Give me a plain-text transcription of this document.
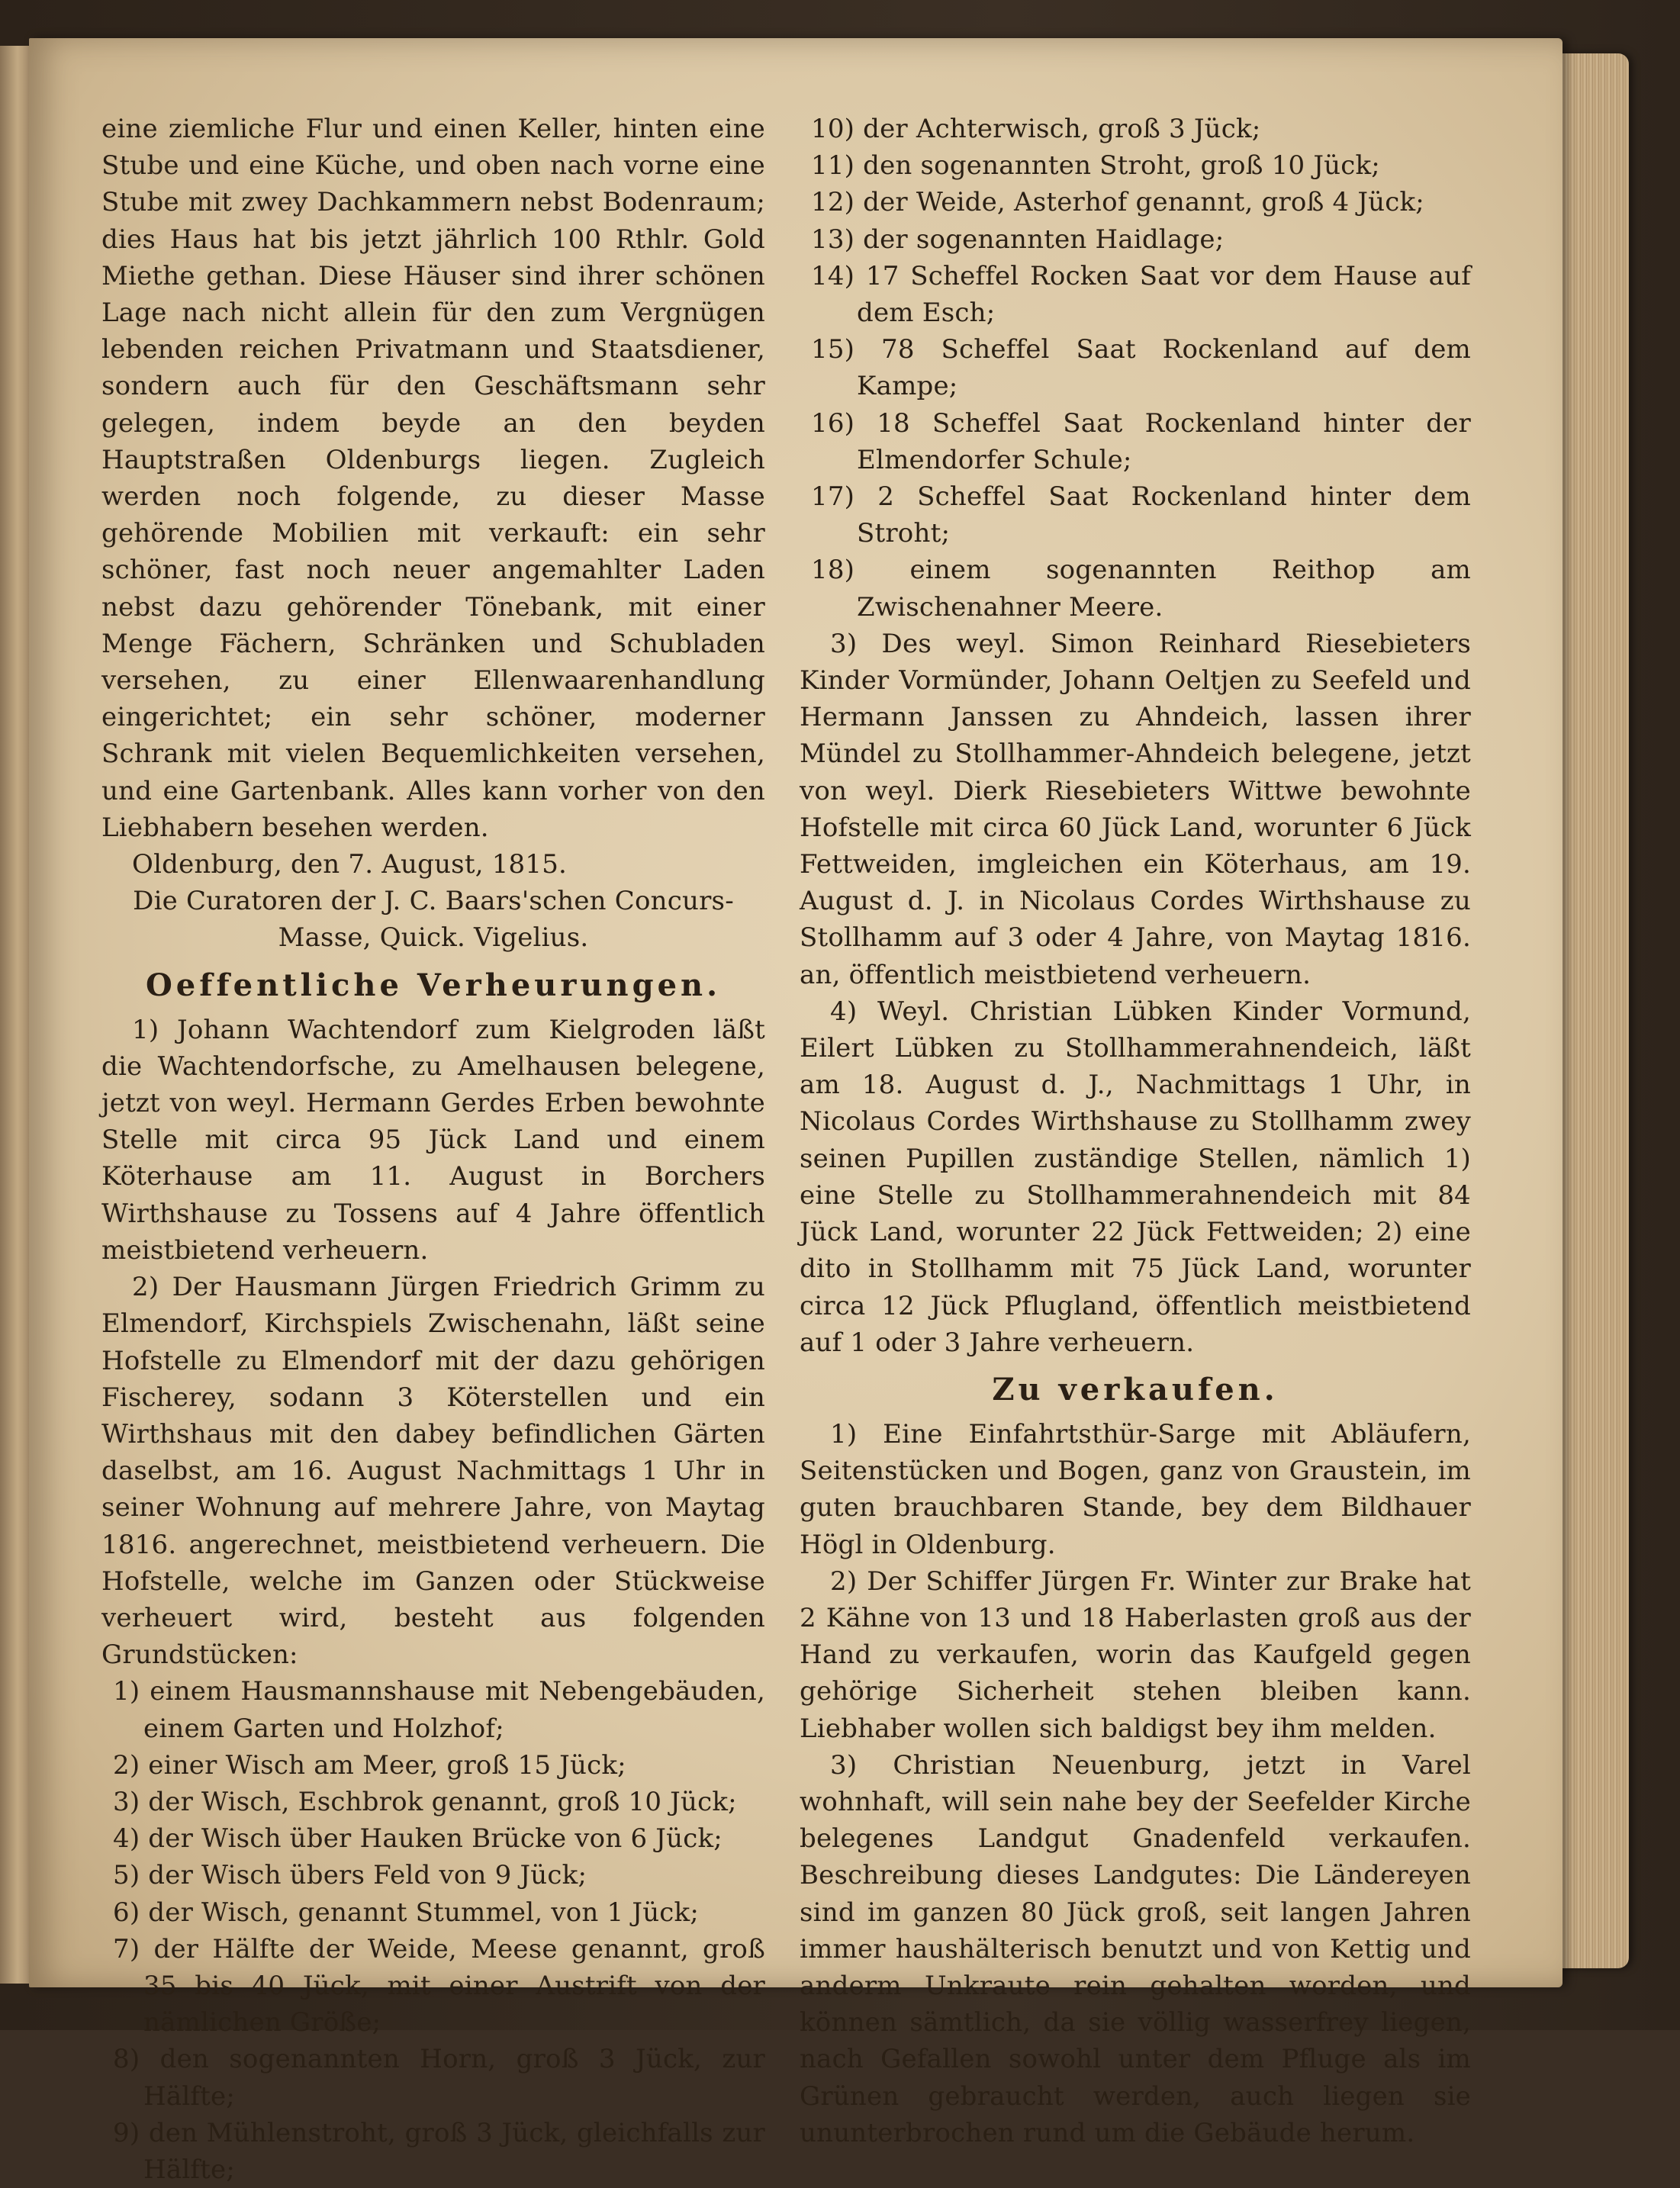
eine ziemliche Flur und einen Keller, hinten eine Stube und eine Küche, und oben nach vorne eine Stube mit zwey Dachkammern nebst Bodenraum; dies Haus hat bis jetzt jährlich 100 Rthlr. Gold Miethe gethan. Diese Häuser sind ihrer schönen Lage nach nicht allein für den zum Vergnügen lebenden reichen Privatmann und Staatsdiener, sondern auch für den Geschäftsmann sehr gelegen, indem beyde an den beyden Hauptstraßen Oldenburgs liegen. Zugleich werden noch folgende, zu dieser Masse gehörende Mobilien mit verkauft: ein sehr schöner, fast noch neuer angemahlter Laden nebst dazu gehörender Tönebank, mit einer Menge Fächern, Schränken und Schubladen versehen, zu einer Ellenwaarenhandlung eingerichtet; ein sehr schöner, moderner Schrank mit vielen Bequemlichkeiten versehen, und eine Gartenbank. Alles kann vorher von den Liebhabern besehen werden.

Oldenburg, den 7. August, 1815.

Die Curatoren der J. C. Baars'schen Concurs-

Masse, Quick. Vigelius.

Oeffentliche Verheurungen.

1) Johann Wachtendorf zum Kielgroden läßt die Wachtendorfsche, zu Amelhausen belegene, jetzt von weyl. Hermann Gerdes Erben bewohnte Stelle mit circa 95 Jück Land und einem Köterhause am 11. August in Borchers Wirthshause zu Tossens auf 4 Jahre öffentlich meistbietend verheuern.

2) Der Hausmann Jürgen Friedrich Grimm zu Elmendorf, Kirchspiels Zwischenahn, läßt seine Hofstelle zu Elmendorf mit der dazu gehörigen Fischerey, sodann 3 Köterstellen und ein Wirthshaus mit den dabey befindlichen Gärten daselbst, am 16. August Nachmittags 1 Uhr in seiner Wohnung auf mehrere Jahre, von Maytag 1816. angerechnet, meistbietend verheuern. Die Hofstelle, welche im Ganzen oder Stückweise verheuert wird, besteht aus folgenden Grundstücken:

1) einem Hausmannshause mit Nebengebäuden, einem Garten und Holzhof;

2) einer Wisch am Meer, groß 15 Jück;

3) der Wisch, Eschbrok genannt, groß 10 Jück;

4) der Wisch über Hauken Brücke von 6 Jück;

5) der Wisch übers Feld von 9 Jück;

6) der Wisch, genannt Stummel, von 1 Jück;

7) der Hälfte der Weide, Meese genannt, groß 35 bis 40 Jück, mit einer Austrift von der nämlichen Größe;

8) den sogenannten Horn, groß 3 Jück, zur Hälfte;

9) den Mühlenstroht, groß 3 Jück, gleichfalls zur Hälfte;

10) der Achterwisch, groß 3 Jück;

11) den sogenannten Stroht, groß 10 Jück;

12) der Weide, Asterhof genannt, groß 4 Jück;

13) der sogenannten Haidlage;

14) 17 Scheffel Rocken Saat vor dem Hause auf dem Esch;

15) 78 Scheffel Saat Rockenland auf dem Kampe;

16) 18 Scheffel Saat Rockenland hinter der Elmendorfer Schule;

17) 2 Scheffel Saat Rockenland hinter dem Stroht;

18) einem sogenannten Reithop am Zwischenahner Meere.

3) Des weyl. Simon Reinhard Riesebieters Kinder Vormünder, Johann Oeltjen zu Seefeld und Hermann Janssen zu Ahndeich, lassen ihrer Mündel zu Stollhammer-Ahndeich belegene, jetzt von weyl. Dierk Riesebieters Wittwe bewohnte Hofstelle mit circa 60 Jück Land, worunter 6 Jück Fettweiden, imgleichen ein Köterhaus, am 19. August d. J. in Nicolaus Cordes Wirthshause zu Stollhamm auf 3 oder 4 Jahre, von Maytag 1816. an, öffentlich meistbietend verheuern.

4) Weyl. Christian Lübken Kinder Vormund, Eilert Lübken zu Stollhammerahnendeich, läßt am 18. August d. J., Nachmittags 1 Uhr, in Nicolaus Cordes Wirthshause zu Stollhamm zwey seinen Pupillen zuständige Stellen, nämlich 1) eine Stelle zu Stollhammerahnendeich mit 84 Jück Land, worunter 22 Jück Fettweiden; 2) eine dito in Stollhamm mit 75 Jück Land, worunter circa 12 Jück Pflugland, öffentlich meistbietend auf 1 oder 3 Jahre verheuern.

Zu verkaufen.

1) Eine Einfahrtsthür-Sarge mit Abläufern, Seitenstücken und Bogen, ganz von Graustein, im guten brauchbaren Stande, bey dem Bildhauer Högl in Oldenburg.

2) Der Schiffer Jürgen Fr. Winter zur Brake hat 2 Kähne von 13 und 18 Haberlasten groß aus der Hand zu verkaufen, worin das Kaufgeld gegen gehörige Sicherheit stehen bleiben kann. Liebhaber wollen sich baldigst bey ihm melden.

3) Christian Neuenburg, jetzt in Varel wohnhaft, will sein nahe bey der Seefelder Kirche belegenes Landgut Gnadenfeld verkaufen. Beschreibung dieses Landgutes: Die Ländereyen sind im ganzen 80 Jück groß, seit langen Jahren immer haushälterisch benutzt und von Kettig und anderm Unkraute rein gehalten worden, und können sämtlich, da sie völlig wasserfrey liegen, nach Gefallen sowohl unter dem Pfluge als im Grünen gebraucht werden, auch liegen sie ununterbrochen rund um die Gebäude herum.
